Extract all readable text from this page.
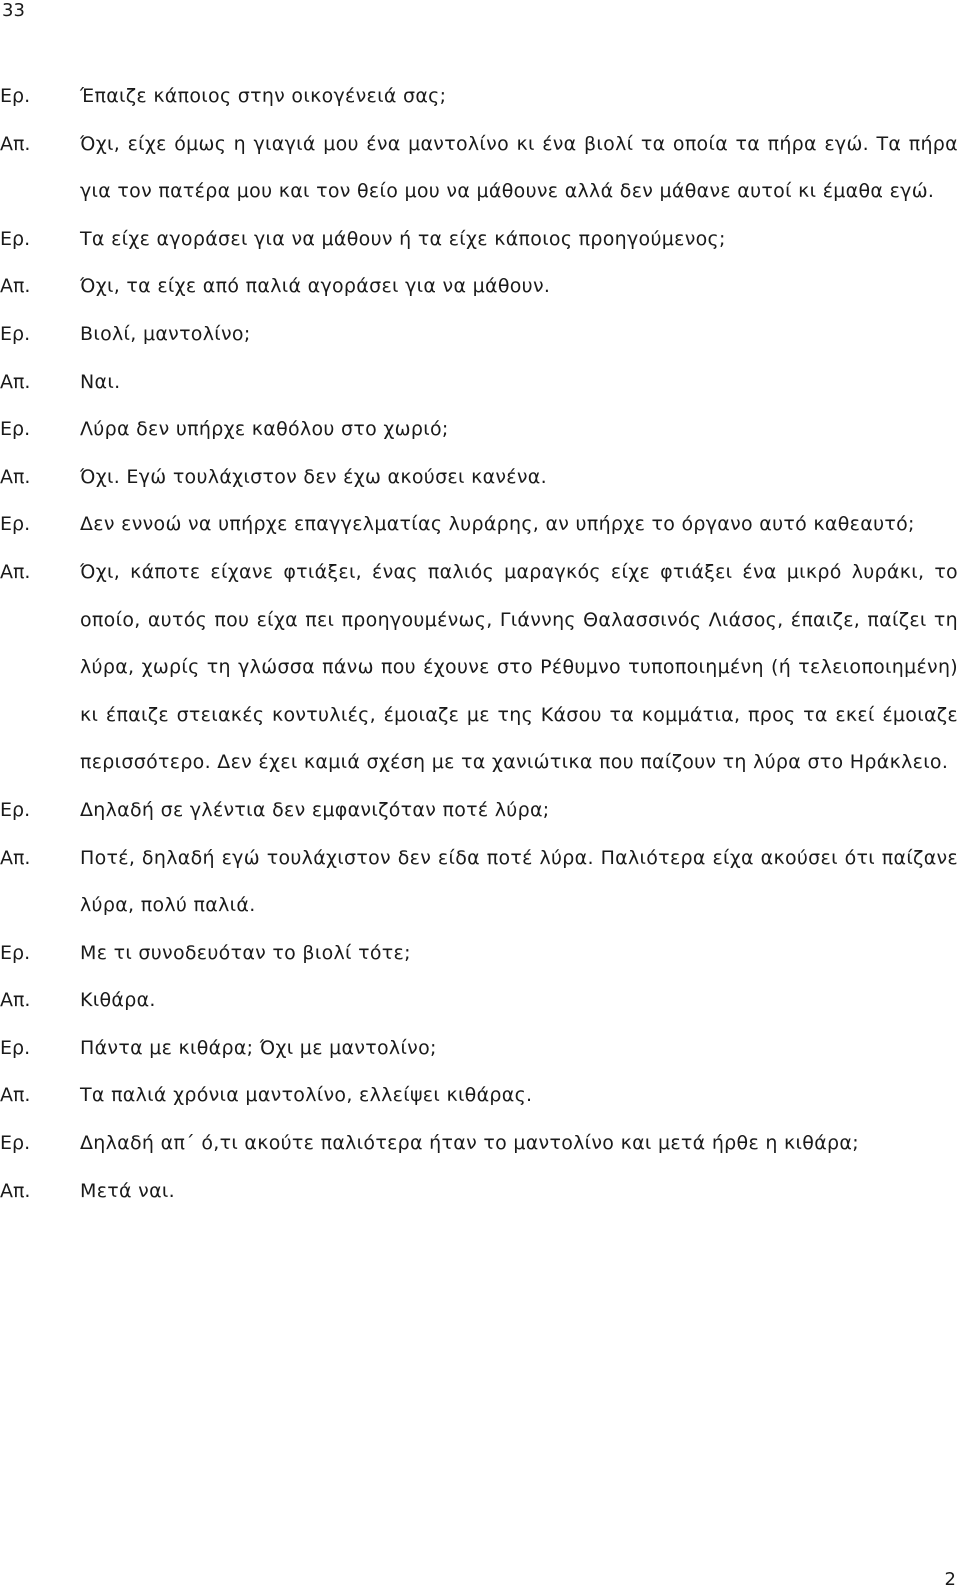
33
Ερ.	Έπαιζε κάποιος στην οικογένειά σας;
Απ.	Όχι, είχε όμως η γιαγιά μου ένα μαντολίνο κι ένα βιολί τα οποία τα πήρα εγώ. Τα πήρα για τον πατέρα μου και τον θείο μου να μάθουνε αλλά δεν μάθανε αυτοί κι έμαθα εγώ.
Ερ.	Τα είχε αγοράσει για να μάθουν ή τα είχε κάποιος προηγούμενος;
Απ.	Όχι, τα είχε από παλιά αγοράσει για να μάθουν.
Ερ.	Βιολί, μαντολίνο;
Απ.	Ναι.
Ερ.	Λύρα δεν υπήρχε καθόλου στο χωριό;
Απ.	Όχι. Εγώ τουλάχιστον δεν έχω ακούσει κανένα.
Ερ.	Δεν εννοώ να υπήρχε επαγγελματίας λυράρης, αν υπήρχε το όργανο αυτό καθεαυτό;
Απ.	Όχι, κάποτε είχανε φτιάξει, ένας παλιός μαραγκός είχε φτιάξει ένα μικρό λυράκι, το οποίο, αυτός που είχα πει προηγουμένως, Γιάννης Θαλασσινός Λιάσος, έπαιζε, παίζει τη λύρα, χωρίς τη γλώσσα πάνω που έχουνε στο Ρέθυμνο τυποποιημένη (ή τελειοποιημένη) κι έπαιζε στειακές κοντυλιές, έμοιαζε με της Κάσου τα κομμάτια, προς τα εκεί έμοιαζε περισσότερο. Δεν έχει καμιά σχέση με τα χανιώτικα που παίζουν τη λύρα στο Ηράκλειο.
Ερ.	Δηλαδή σε γλέντια δεν εμφανιζόταν ποτέ λύρα;
Απ.	Ποτέ, δηλαδή εγώ τουλάχιστον δεν είδα ποτέ λύρα. Παλιότερα είχα ακούσει ότι παίζανε λύρα, πολύ παλιά.
Ερ.	Με τι συνοδευόταν το βιολί τότε;
Απ.	Κιθάρα.
Ερ.	Πάντα με κιθάρα; Όχι με μαντολίνο;
Απ.	Τα παλιά χρόνια μαντολίνο, ελλείψει κιθάρας.
Ερ.	Δηλαδή απ΄ ό,τι ακούτε παλιότερα ήταν το μαντολίνο και μετά ήρθε η κιθάρα;
Απ.	Μετά ναι.
2
